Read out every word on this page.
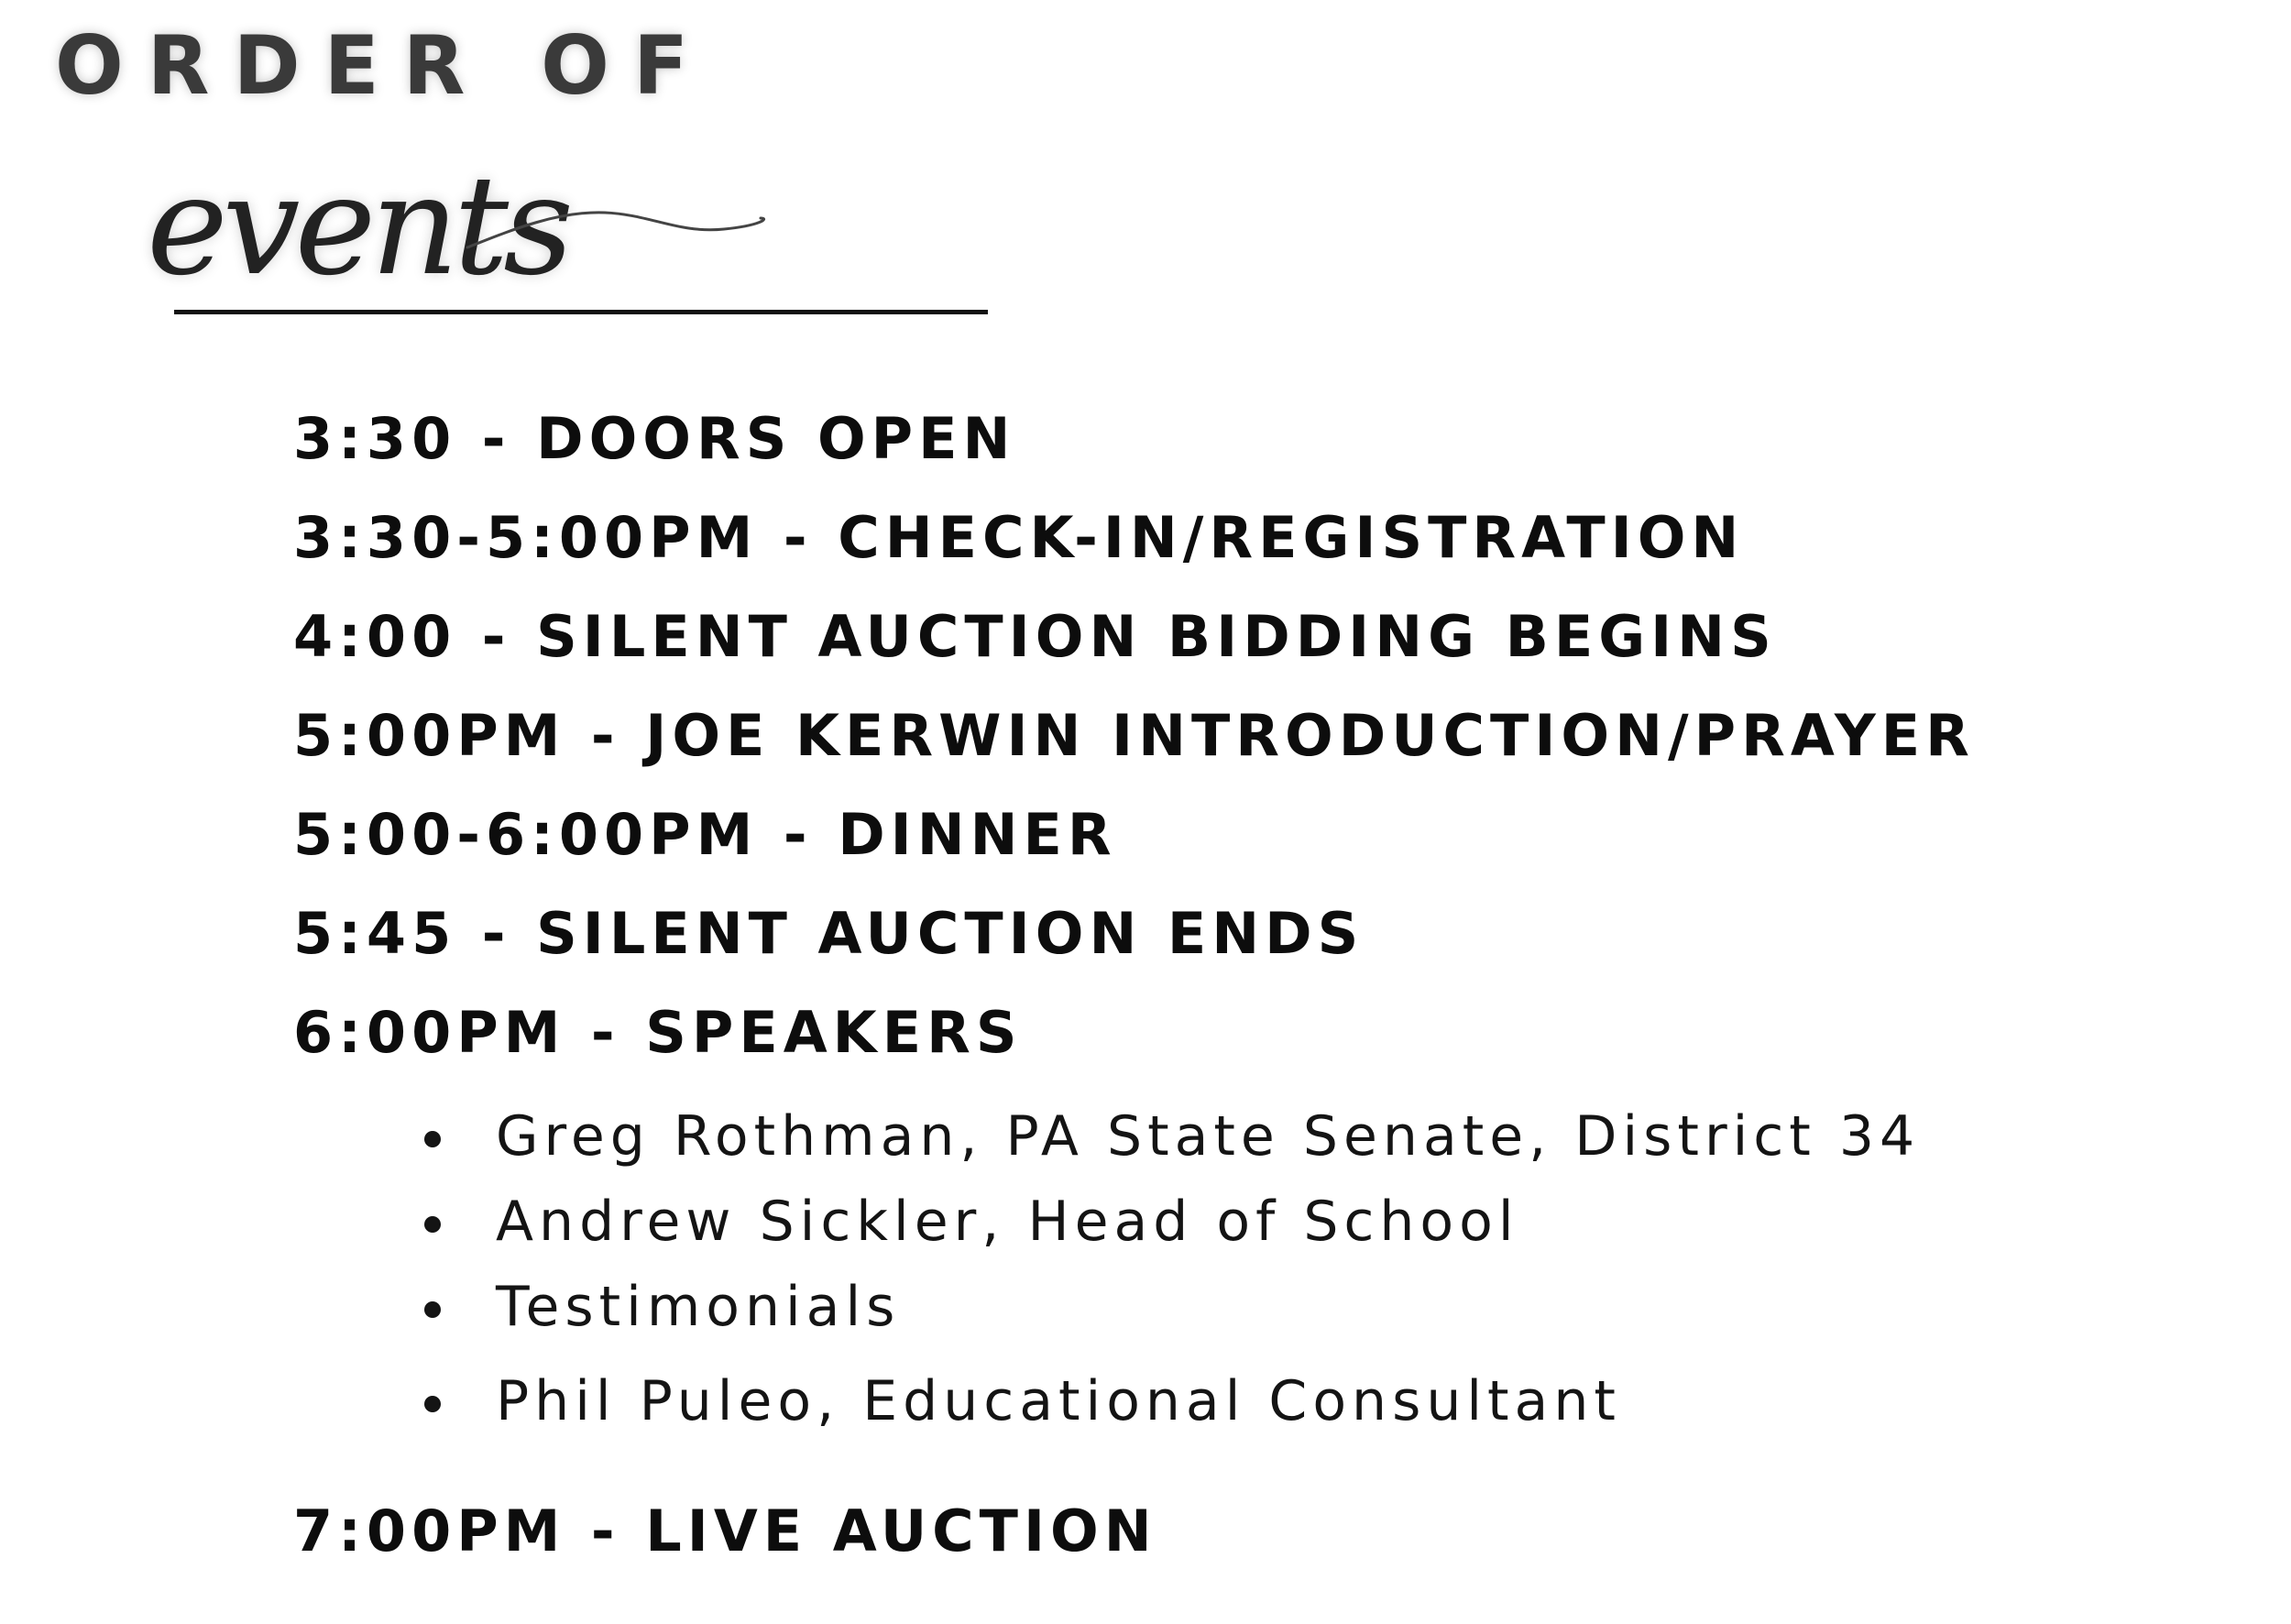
ORDER OF
events
3:30 - DOORS OPEN
3:30-5:00PM - CHECK-IN/REGISTRATION
4:00 - SILENT AUCTION BIDDING BEGINS
5:00PM - JOE KERWIN INTRODUCTION/PRAYER
5:00-6:00PM - DINNER
5:45 - SILENT AUCTION ENDS
6:00PM - SPEAKERS
Greg Rothman, PA State Senate, District 34
Andrew Sickler, Head of School
Testimonials
Phil Puleo, Educational Consultant
7:00PM - LIVE AUCTION
